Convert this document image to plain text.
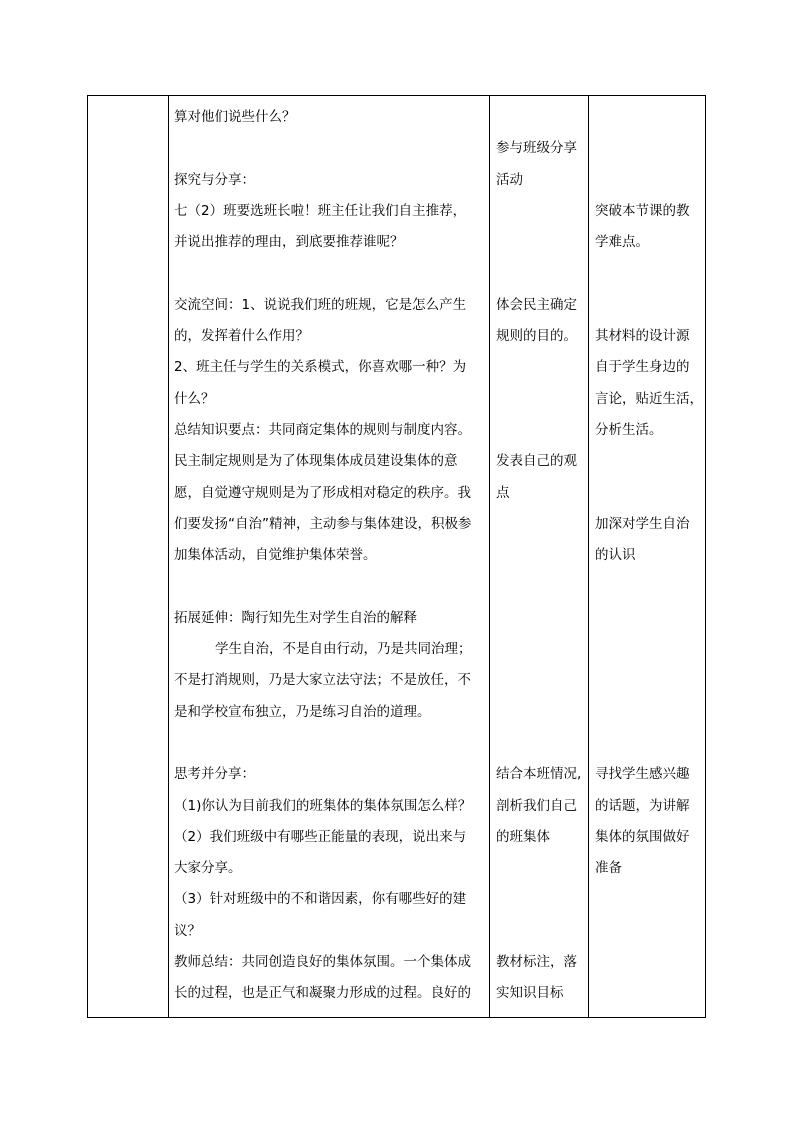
算对他们说些什么？
探究与分享：
七（2）班要选班长啦！班主任让我们自主推荐，
并说出推荐的理由，到底要推荐谁呢？
交流空间：1、说说我们班的班规，它是怎么产生
的，发挥着什么作用？
2、班主任与学生的关系模式，你喜欢哪一种？为
什么？
总结知识要点：共同商定集体的规则与制度内容。
民主制定规则是为了体现集体成员建设集体的意
愿，自觉遵守规则是为了形成相对稳定的秩序。我
们要发扬“自治”精神，主动参与集体建设，积极参
加集体活动，自觉维护集体荣誉。
拓展延伸：陶行知先生对学生自治的解释
学生自治，不是自由行动，乃是共同治理；
不是打消规则，乃是大家立法守法；不是放任，不
是和学校宣布独立，乃是练习自治的道理。
思考并分享：
（1)你认为目前我们的班集体的集体氛围怎么样？
（2）我们班级中有哪些正能量的表现，说出来与
大家分享。
（3）针对班级中的不和谐因素，你有哪些好的建
议？
教师总结：共同创造良好的集体氛围。一个集体成
长的过程，也是正气和凝聚力形成的过程。良好的
参与班级分享
活动
体会民主确定
规则的目的。
发表自己的观
点
结合本班情况,
剖析我们自己
的班集体
教材标注，落
实知识目标
突破本节课的教
学难点。
其材料的设计源
自于学生身边的
言论，贴近生活，
分析生活。
加深对学生自治
的认识
寻找学生感兴趣
的话题，为讲解
集体的氛围做好
准备
